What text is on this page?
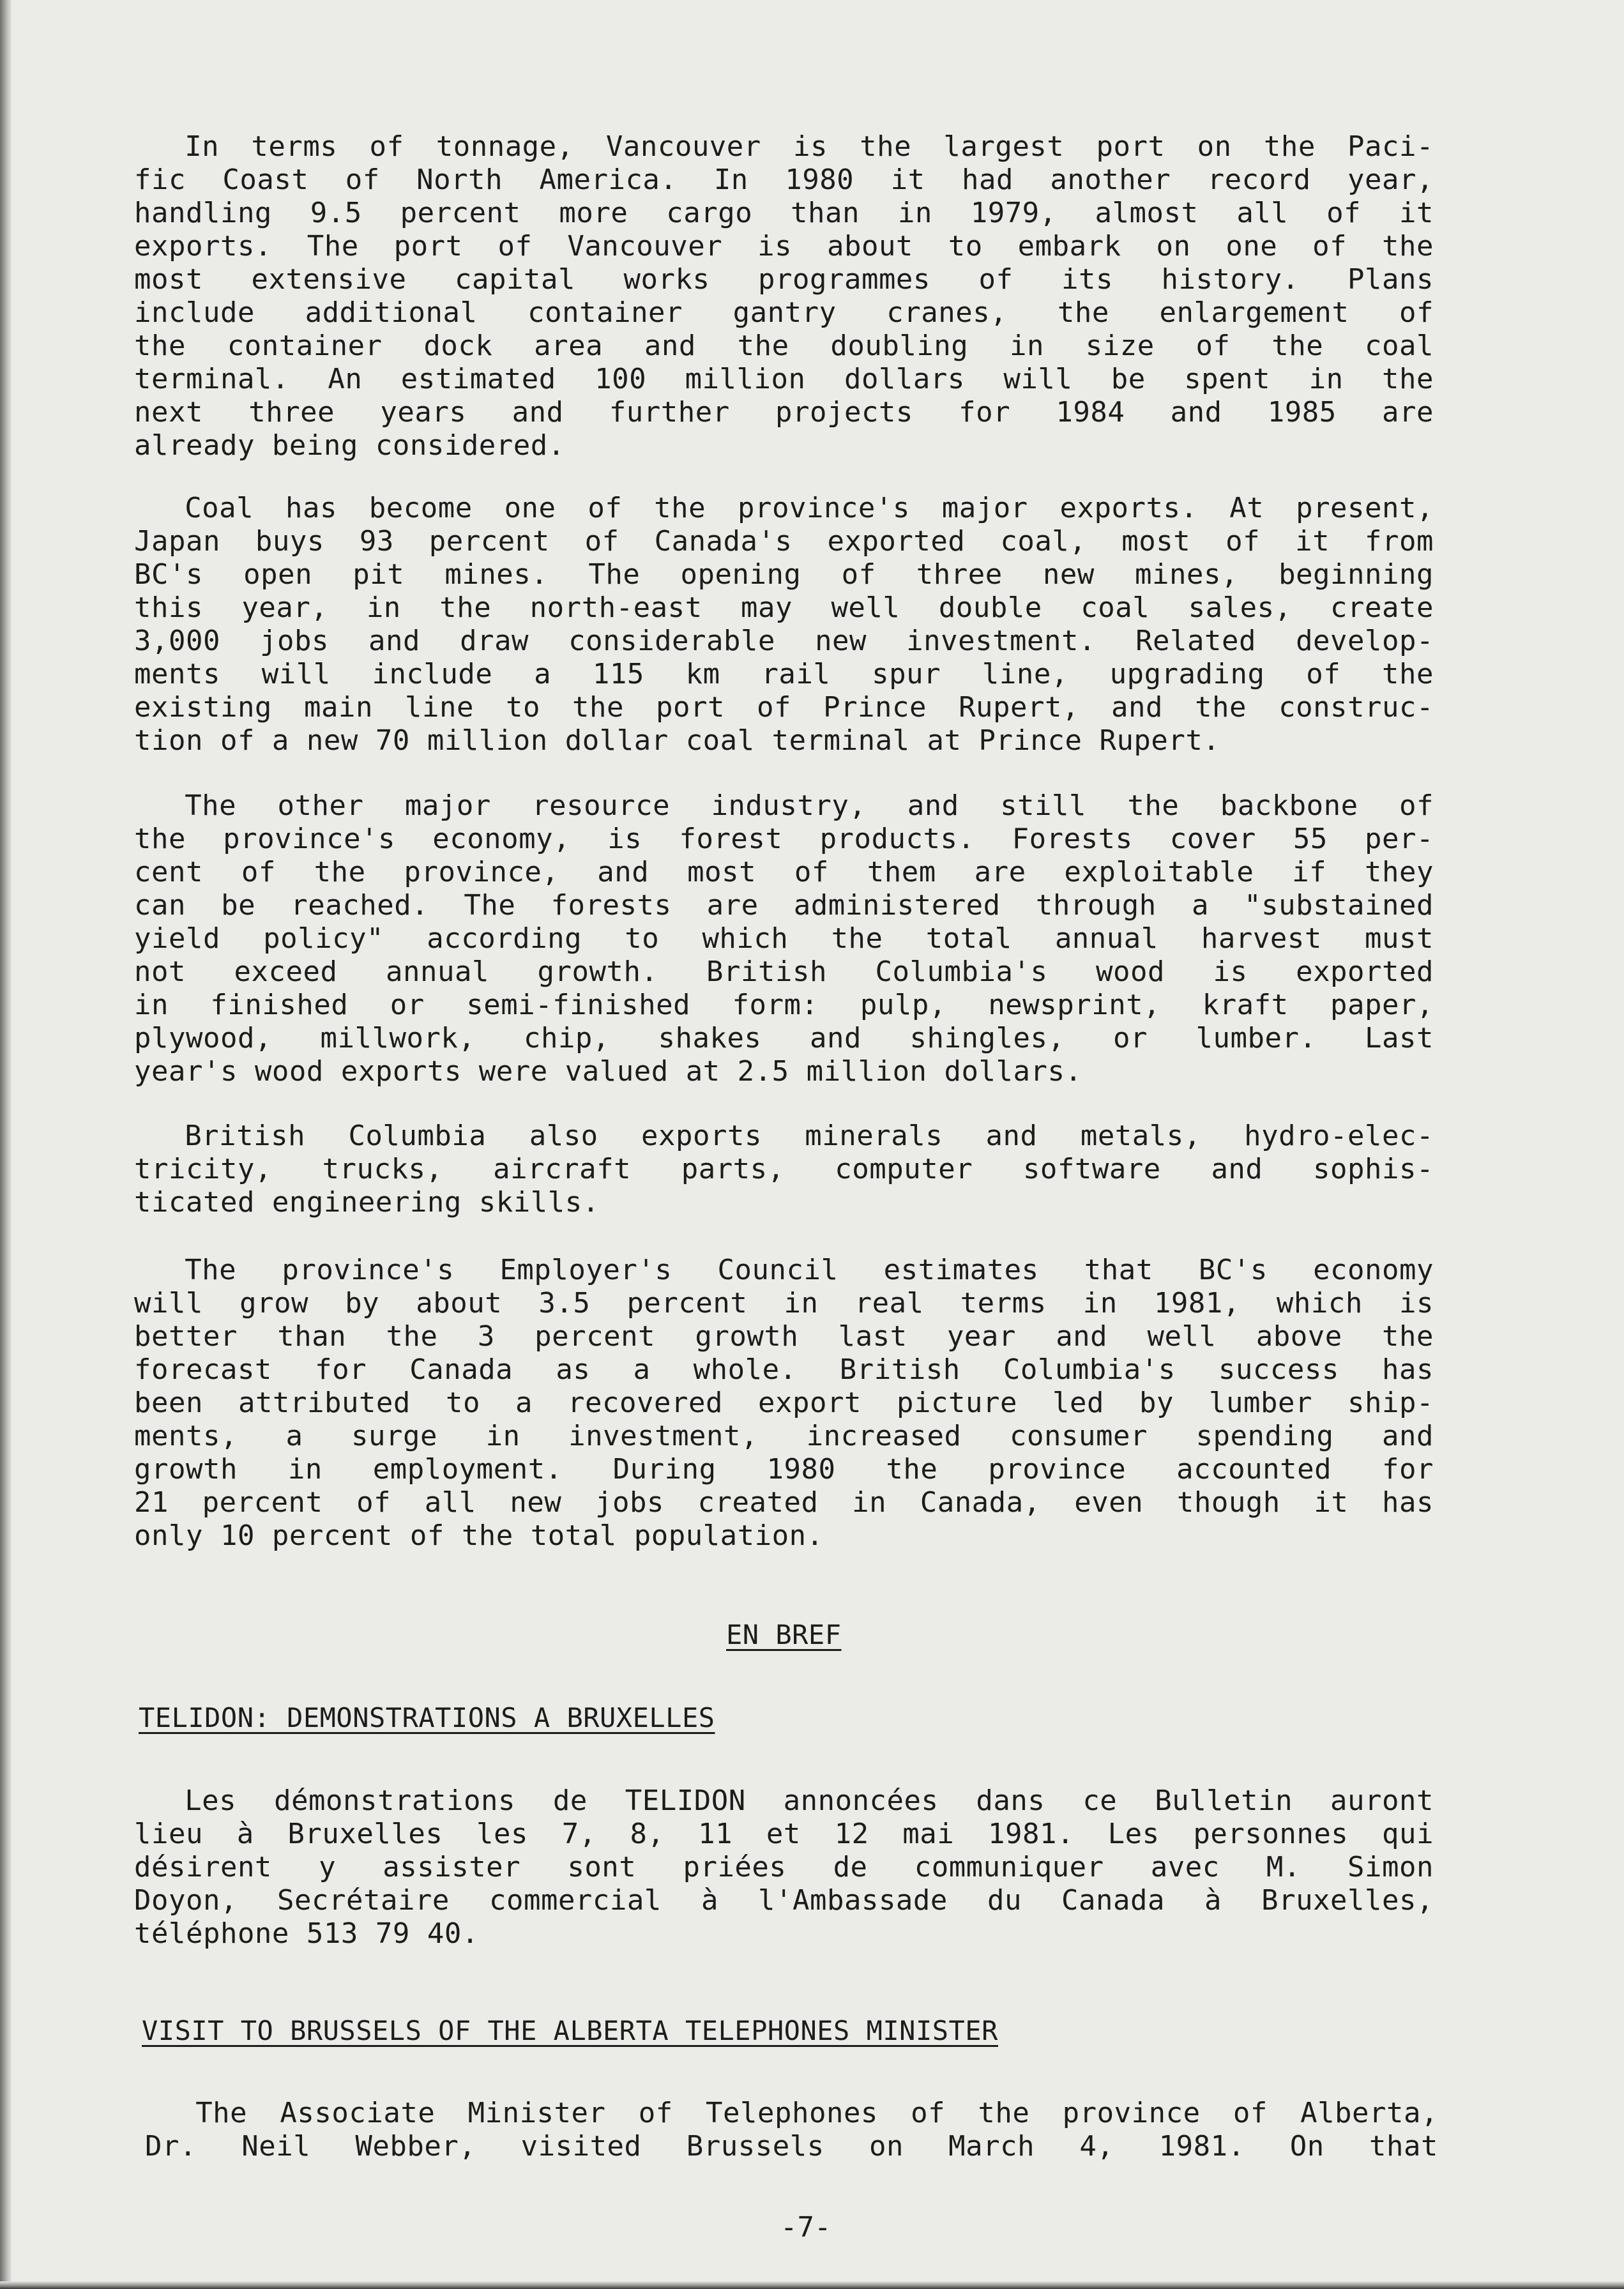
In terms of tonnage, Vancouver is the largest port on the Paci-
fic Coast of North America. In 1980 it had another record year,
handling 9.5 percent more cargo than in 1979, almost all of it
exports. The port of Vancouver is about to embark on one of the
most extensive capital works programmes of its history. Plans
include additional container gantry cranes, the enlargement of
the container dock area and the doubling in size of the coal
terminal. An estimated 100 million dollars will be spent in the
next three years and further projects for 1984 and 1985 are
already being considered.
Coal has become one of the province's major exports. At present,
Japan buys 93 percent of Canada's exported coal, most of it from
BC's open pit mines. The opening of three new mines, beginning
this year, in the north-east may well double coal sales, create
3,000 jobs and draw considerable new investment. Related develop-
ments will include a 115 km rail spur line, upgrading of the
existing main line to the port of Prince Rupert, and the construc-
tion of a new 70 million dollar coal terminal at Prince Rupert.
The other major resource industry, and still the backbone of
the province's economy, is forest products. Forests cover 55 per-
cent of the province, and most of them are exploitable if they
can be reached. The forests are administered through a "substained
yield policy" according to which the total annual harvest must
not exceed annual growth. British Columbia's wood is exported
in finished or semi-finished form: pulp, newsprint, kraft paper,
plywood, millwork, chip, shakes and shingles, or lumber. Last
year's wood exports were valued at 2.5 million dollars.
British Columbia also exports minerals and metals, hydro-elec-
tricity, trucks, aircraft parts, computer software and sophis-
ticated engineering skills.
The province's Employer's Council estimates that BC's economy
will grow by about 3.5 percent in real terms in 1981, which is
better than the 3 percent growth last year and well above the
forecast for Canada as a whole. British Columbia's success has
been attributed to a recovered export picture led by lumber ship-
ments, a surge in investment, increased consumer spending and
growth in employment. During 1980 the province accounted for
21 percent of all new jobs created in Canada, even though it has
only 10 percent of the total population.
EN BREF
TELIDON: DEMONSTRATIONS A BRUXELLES
Les démonstrations de TELIDON annoncées dans ce Bulletin auront
lieu à Bruxelles les 7, 8, 11 et 12 mai 1981. Les personnes qui
désirent y assister sont priées de communiquer avec M. Simon
Doyon, Secrétaire commercial à l'Ambassade du Canada à Bruxelles,
téléphone 513 79 40.
VISIT TO BRUSSELS OF THE ALBERTA TELEPHONES MINISTER
The Associate Minister of Telephones of the province of Alberta,
Dr. Neil Webber, visited Brussels on March 4, 1981. On that
-7-
